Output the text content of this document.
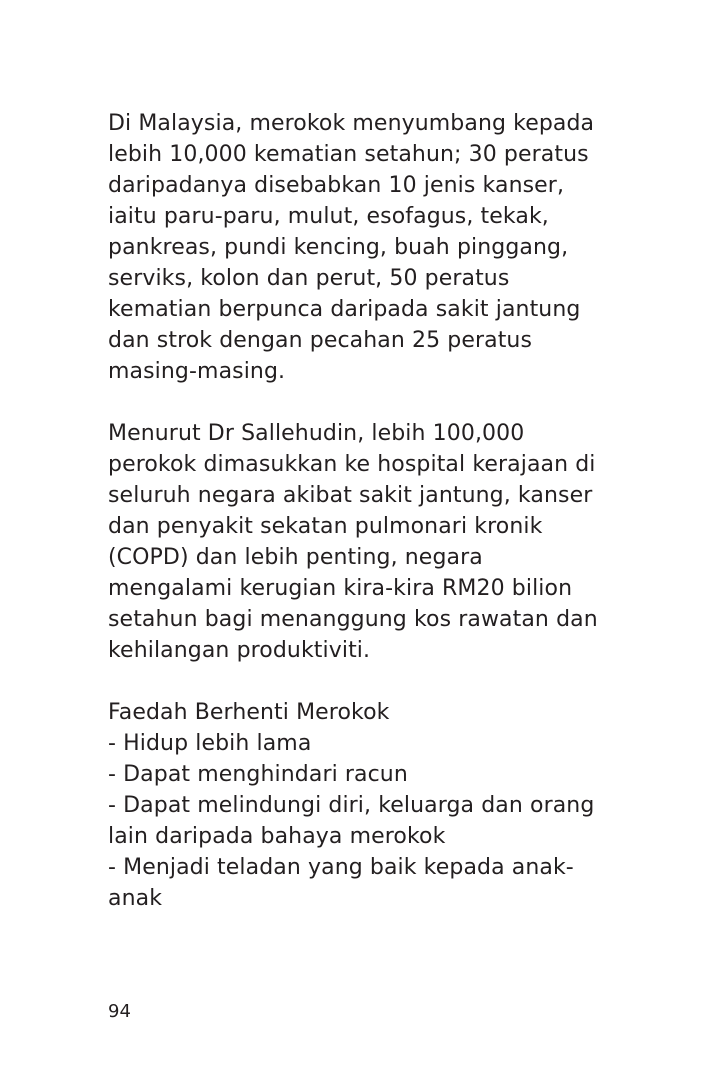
Di Malaysia, merokok menyumbang kepada
lebih 10,000 kematian setahun; 30 peratus
daripadanya disebabkan 10 jenis kanser,
iaitu paru-paru, mulut, esofagus, tekak,
pankreas, pundi kencing, buah pinggang,
serviks, kolon dan perut, 50 peratus
kematian berpunca daripada sakit jantung
dan strok dengan pecahan 25 peratus
masing-masing.
Menurut Dr Sallehudin, lebih 100,000
perokok dimasukkan ke hospital kerajaan di
seluruh negara akibat sakit jantung, kanser
dan penyakit sekatan pulmonari kronik
(COPD) dan lebih penting, negara
mengalami kerugian kira-kira RM20 bilion
setahun bagi menanggung kos rawatan dan
kehilangan produktiviti.
Faedah Berhenti Merokok
- Hidup lebih lama
- Dapat menghindari racun
- Dapat melindungi diri, keluarga dan orang
lain daripada bahaya merokok
- Menjadi teladan yang baik kepada anak-
anak
94
